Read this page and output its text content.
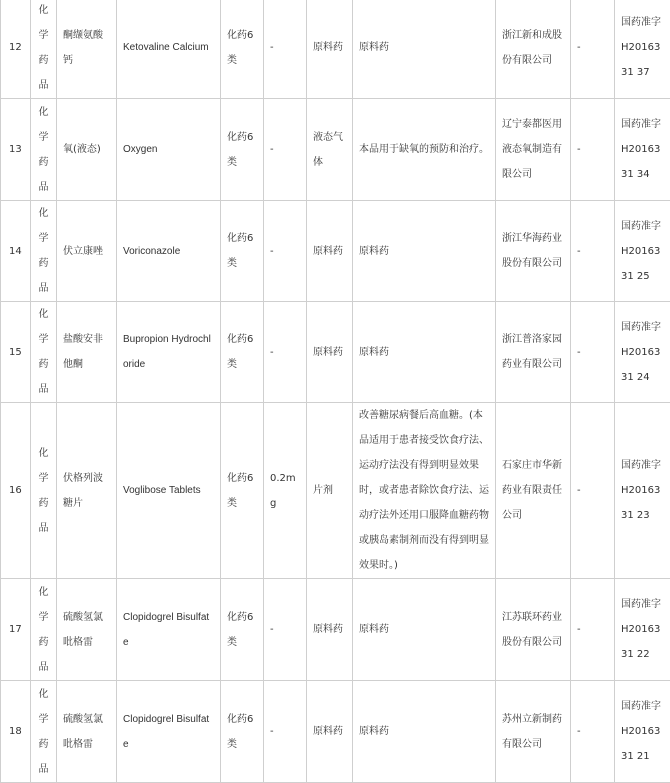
12	化学药品	酮缬氨酸钙	Ketovaline Calcium	化药6类	-	原料药	原料药	浙江新和成股份有限公司	-	国药准字H2016331 37
13	化学药品	氧(液态)	Oxygen	化药6类	-	液态气体	本品用于缺氧的预防和治疗。	辽宁泰都医用液态氧制造有限公司	-	国药准字H2016331 34
14	化学药品	伏立康唑	Voriconazole	化药6类	-	原料药	原料药	浙江华海药业股份有限公司	-	国药准字H2016331 25
15	化学药品	盐酸安非他酮	Bupropion Hydrochloride	化药6类	-	原料药	原料药	浙江普洛家园药业有限公司	-	国药准字H2016331 24
16	化学药品	伏格列波糖片	Voglibose Tablets	化药6类	0.2mg	片剂	改善糖尿病餐后高血糖。(本品适用于患者接受饮食疗法、运动疗法没有得到明显效果时，或者患者除饮食疗法、运动疗法外还用口服降血糖药物或胰岛素制剂而没有得到明显效果时。)	石家庄市华新药业有限责任公司	-	国药准字H2016331 23
17	化学药品	硫酸氢氯吡格雷	Clopidogrel Bisulfate	化药6类	-	原料药	原料药	江苏联环药业股份有限公司	-	国药准字H2016331 22
18	化学药品	硫酸氢氯吡格雷	Clopidogrel Bisulfate	化药6类	-	原料药	原料药	苏州立新制药有限公司	-	国药准字H2016331 21
